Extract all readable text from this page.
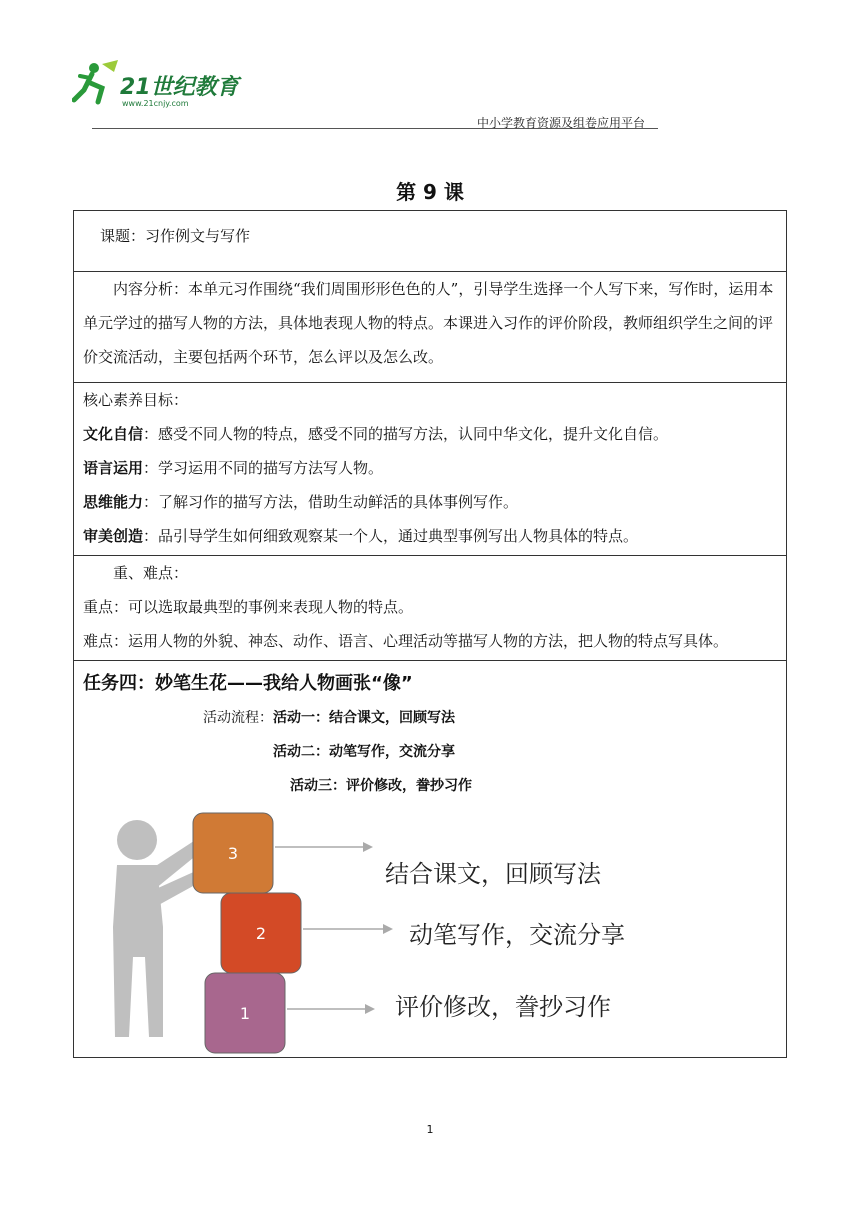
21世纪教育
www.21cnjy.com
中小学教育资源及组卷应用平台
第 9 课
课题：习作例文与写作

内容分析：本单元习作围绕“我们周围形形色色的人”，引导学生选择一个人写下来，写作时，运用本单元学过的描写人物的方法，具体地表现人物的特点。本课进入习作的评价阶段，教师组织学生之间的评价交流活动，主要包括两个环节，怎么评以及怎么改。

核心素养目标：
文化自信：感受不同人物的特点，感受不同的描写方法，认同中华文化，提升文化自信。
语言运用：学习运用不同的描写方法写人物。
思维能力：了解习作的描写方法，借助生动鲜活的具体事例写作。
审美创造：品引导学生如何细致观察某一个人，通过典型事例写出人物具体的特点。

重、难点：
重点：可以选取最典型的事例来表现人物的特点。
难点：运用人物的外貌、神态、动作、语言、心理活动等描写人物的方法，把人物的特点写具体。

任务四：妙笔生花——我给人物画张“像”
活动流程：活动一：结合课文，回顾写法
活动二：动笔写作，交流分享
活动三：评价修改，誊抄习作
3
结合课文，回顾写法
2	动笔写作，交流分享
1	评价修改，誊抄习作
1
